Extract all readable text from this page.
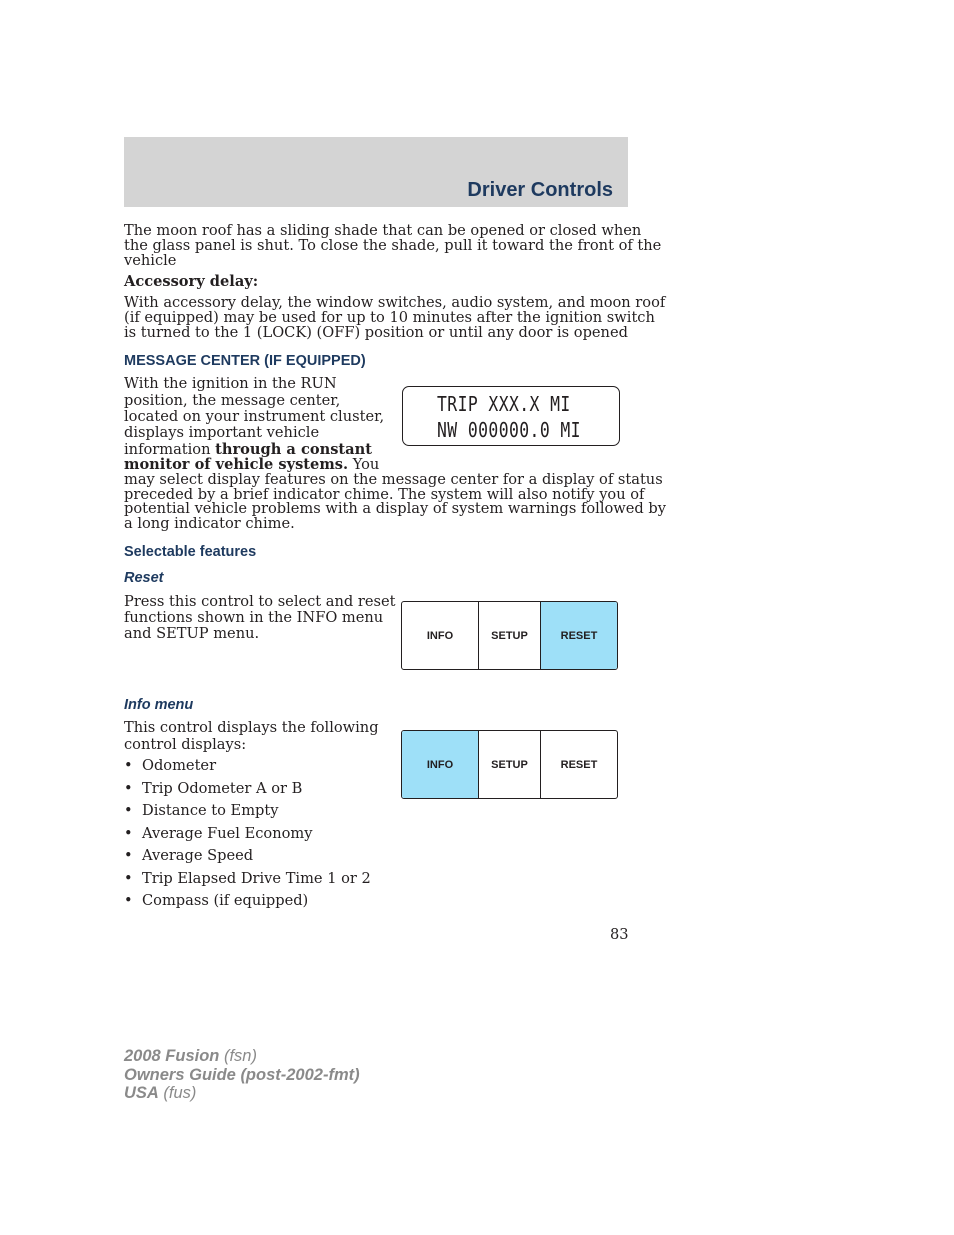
Driver Controls
The moon roof has a sliding shade that can be opened or closed when
the glass panel is shut. To close the shade, pull it toward the front of the
vehicle
Accessory delay:
With accessory delay, the window switches, audio system, and moon roof
(if equipped) may be used for up to 10 minutes after the ignition switch
is turned to the 1 (LOCK) (OFF) position or until any door is opened
MESSAGE CENTER (IF EQUIPPED)
With the ignition in the RUN
position, the message center,
located on your instrument cluster,
displays important vehicle
information through a constant
monitor of vehicle systems. You
may select display features on the message center for a display of status
preceded by a brief indicator chime. The system will also notify you of
potential vehicle problems with a display of system warnings followed by
a long indicator chime.
TRIP XXX.X MI
NW 000000.0 MI
Selectable features
Reset
Press this control to select and reset
functions shown in the INFO menu
and SETUP menu.	INFO	SETUP	RESET
Info menu
This control displays the following
control displays:
• Odometer
• Trip Odometer A or B
• Distance to Empty
• Average Fuel Economy
• Average Speed
• Trip Elapsed Drive Time 1 or 2
• Compass (if equipped)
INFO	SETUP	RESET
83
2008 Fusion (fsn)
Owners Guide (post-2002-fmt)
USA (fus)
